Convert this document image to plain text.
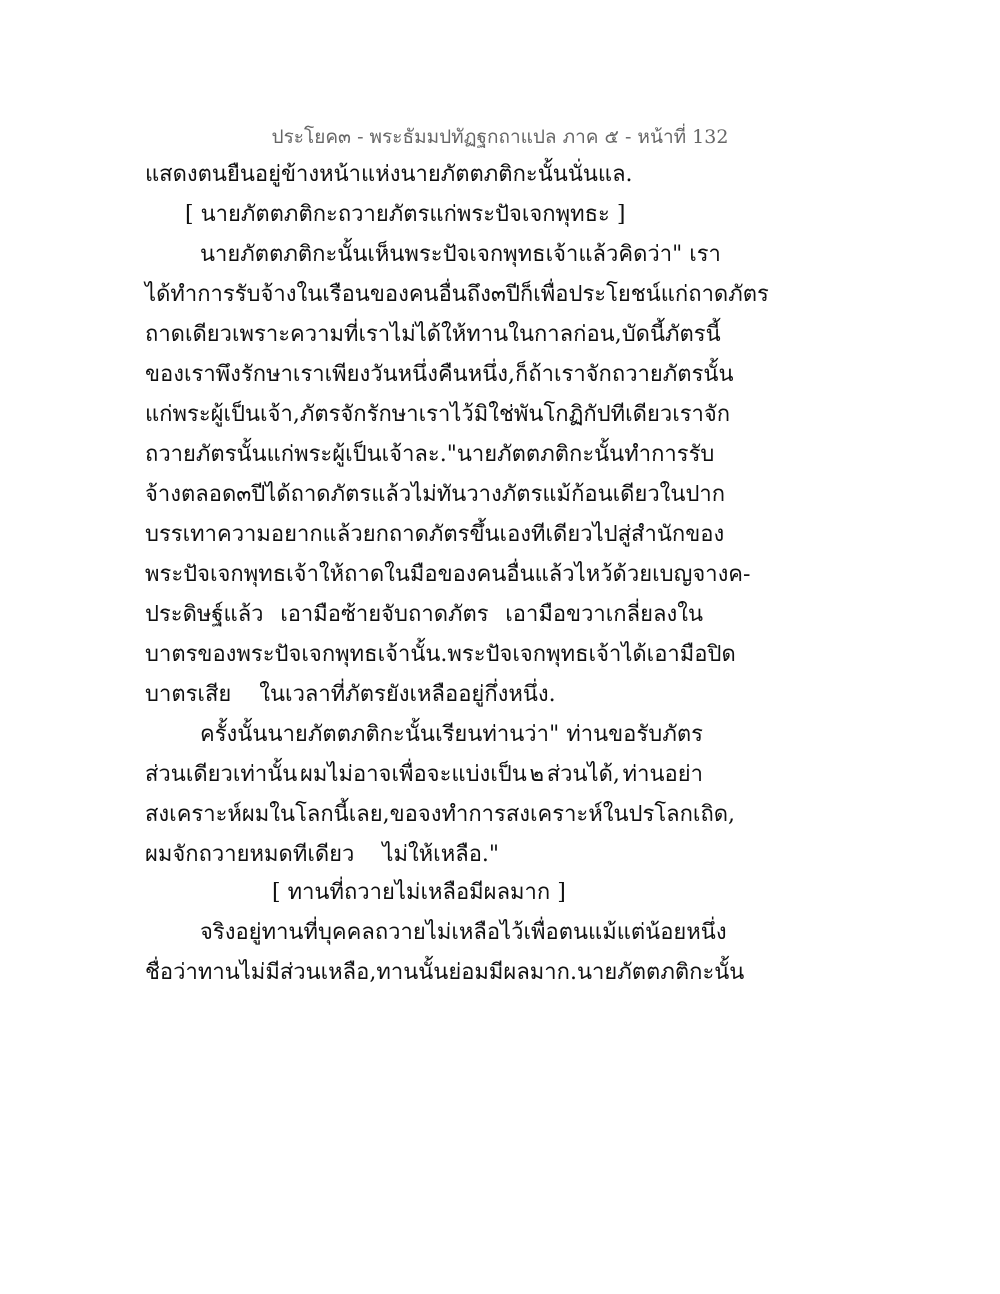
ประโยค๓ - พระธัมมปทัฏฐกถาแปล ภาค ๕ - หน้าที่ 132
แสดงตนยืนอยู่ข้างหน้าแห่งนายภัตตภติกะนั้นนั่นแล.
[ นายภัตตภติกะถวายภัตรแก่พระปัจเจกพุทธะ ]
นายภัตตภติกะนั้น เห็นพระปัจเจกพุทธเจ้าแล้ว คิดว่า " เรา
ได้ทำการรับจ้างในเรือนของคนอื่นถึง ๓ ปี ก็เพื่อประโยชน์แก่ถาดภัตร
ถาดเดียว เพราะความที่เราไม่ได้ให้ทานในกาลก่อน, บัดนี้ ภัตรนี้
ของเราพึงรักษาเราเพียงวันหนึ่งคืนหนึ่ง, ก็ถ้าเราจักถวายภัตรนั้น
แก่พระผู้เป็นเจ้า, ภัตรจักรักษาเราไว้มิใช่พันโกฏิกัปทีเดียว เราจัก
ถวายภัตรนั้น แก่พระผู้เป็นเจ้าละ." นายภัตตภติกะนั้น ทำการรับ
จ้างตลอด ๓ ปี ได้ถาดภัตรแล้ว ไม่ทันวางภัตรแม้ก้อนเดียวในปาก
บรรเทาความอยากแล้ว ยกถาดภัตรขึ้นเองทีเดียว ไปสู่สำนักของ
พระปัจเจกพุทธเจ้า ให้ถาดในมือของคนอื่นแล้ว ไหว้ด้วยเบญจางค-
ประดิษฐ์แล้ว เอามือซ้ายจับถาดภัตร เอามือขวาเกลี่ยลงใน
บาตรของพระปัจเจกพุทธเจ้านั้น. พระปัจเจกพุทธเจ้าได้เอามือปิด
บาตรเสีย ในเวลาที่ภัตรยังเหลืออยู่กึ่งหนึ่ง.
ครั้งนั้น นายภัตตภติกะนั้น เรียนท่านว่า " ท่านขอรับ ภัตร
ส่วนเดียวเท่านั้น ผมไม่อาจเพื่อจะแบ่งเป็น ๒ ส่วนได้, ท่านอย่า
สงเคราะห์ผมในโลกนี้เลย, ขอจงทำการสงเคราะห์ในปรโลกเถิด,
ผมจักถวายหมดทีเดียว ไม่ให้เหลือ."
[ ทานที่ถวายไม่เหลือมีผลมาก ]
จริงอยู่ ทานที่บุคคลถวายไม่เหลือไว้เพื่อตนแม้แต่น้อยหนึ่ง
ชื่อว่าทานไม่มีส่วนเหลือ, ทานนั้นย่อมมีผลมาก. นายภัตตภติกะนั้น
